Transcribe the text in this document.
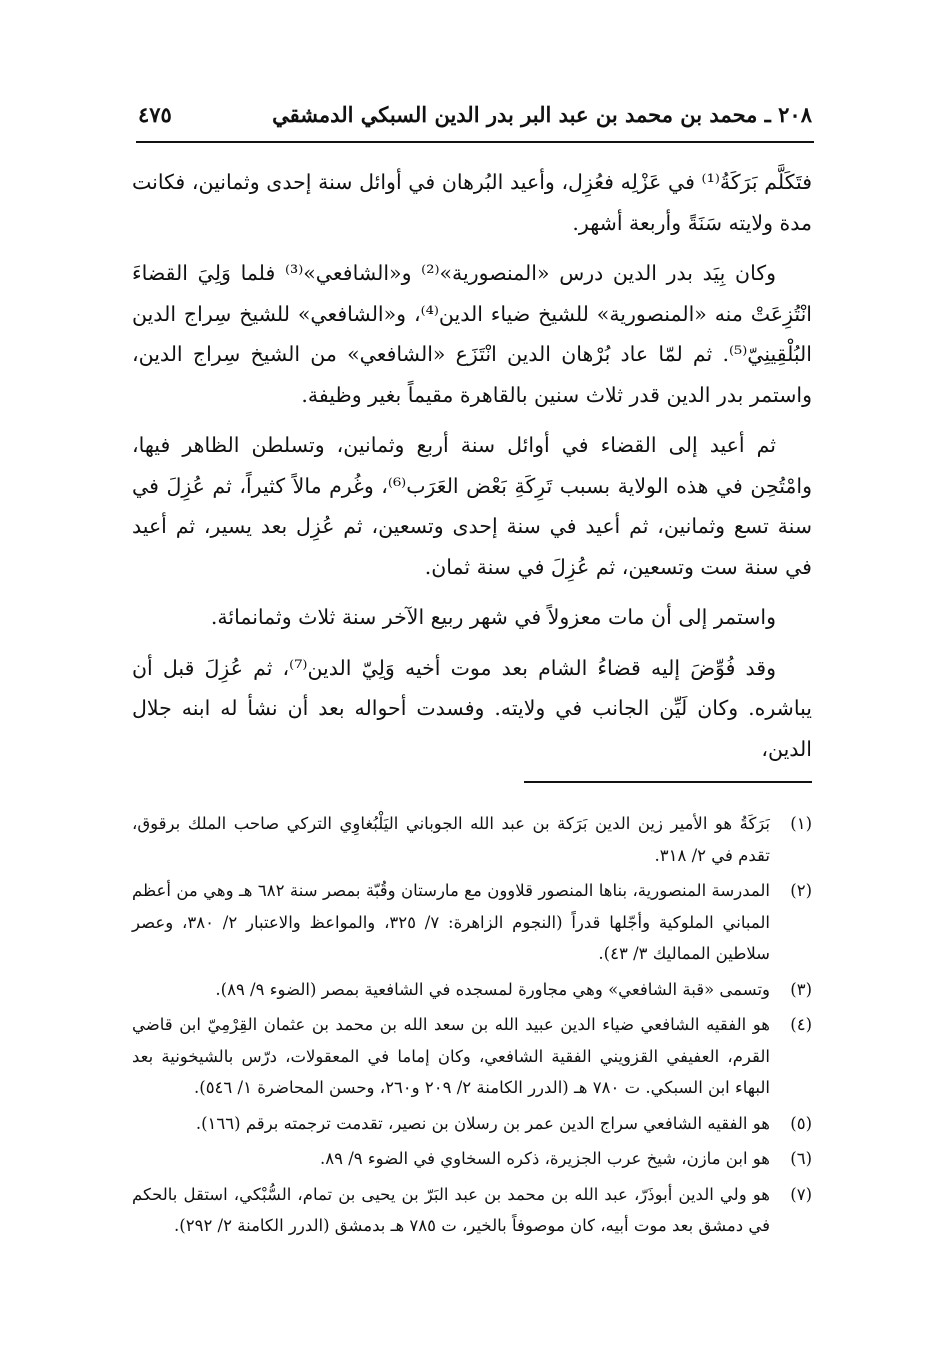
٢٠٨ ـ محمد بن محمد بن عبد البر بدر الدين السبكي الدمشقي
٤٧٥

فتَكَلَّم بَرَكَةُ⁽¹⁾ في عَزْلِه فعُزِل، وأعيد البُرهان في أوائل سنة إحدى وثمانين، فكانت مدة ولايته سَنَةً وأربعة أشهر.

وكان بِيَد بدر الدين درس «المنصورية»⁽²⁾ و«الشافعي»⁽³⁾ فلما وَلِيَ القضاءَ انْتُزِعَتْ منه «المنصورية» للشيخ ضياء الدين⁽⁴⁾، و«الشافعي» للشيخ سِراج الدين البُلْقِينِيّ⁽⁵⁾. ثم لمّا عاد بُرْهان الدين انْتَزَع «الشافعي» من الشيخ سِراج الدين، واستمر بدر الدين قدر ثلاث سنين بالقاهرة مقيماً بغير وظيفة.

ثم أعيد إلى القضاء في أوائل سنة أربع وثمانين، وتسلطن الظاهر فيها، وامْتُحِن في هذه الولاية بسبب تَرِكَةِ بَعْض العَرَب⁽⁶⁾، وغُرم مالاً كثيراً، ثم عُزِلَ في سنة تسع وثمانين، ثم أعيد في سنة إحدى وتسعين، ثم عُزِل بعد يسير، ثم أعيد في سنة ست وتسعين، ثم عُزِلَ في سنة ثمان.

واستمر إلى أن مات معزولاً في شهر ربيع الآخر سنة ثلاث وثمانمائة.

وقد فُوِّضَ إليه قضاءُ الشام بعد موت أخيه وَلِيّ الدين⁽⁷⁾، ثم عُزِلَ قبل أن يباشره. وكان لَيِّن الجانب في ولايته. وفسدت أحواله بعد أن نشأ له ابنه جلال الدين،

(١)
بَرَكَةُ هو الأمير زين الدين بَرَكة بن عبد الله الجوباني اليَلْبُغاوِي التركي صاحب الملك برقوق، تقدم في ٢/ ٣١٨.
(٢)
المدرسة المنصورية، بناها المنصور قلاوون مع مارستان وقُبّة بمصر سنة ٦٨٢ هـ وهي من أعظم المباني الملوكية وأجّلها قدراً (النجوم الزاهرة: ٧/ ٣٢٥، والمواعظ والاعتبار ٢/ ٣٨٠، وعصر سلاطين المماليك ٣/ ٤٣).
(٣)
وتسمى «قبة الشافعي» وهي مجاورة لمسجده في الشافعية بمصر (الضوء ٩/ ٨٩).
(٤)
هو الفقيه الشافعي ضياء الدين عبيد الله بن سعد الله بن محمد بن عثمان القِرْمِيّ ابن قاضي القرم، العفيفي القزويني الفقية الشافعي، وكان إماما في المعقولات، درّس بالشيخونية بعد البهاء ابن السبكي. ت ٧٨٠ هـ (الدرر الكامنة ٢/ ٢٠٩ و٢٦٠، وحسن المحاضرة ١/ ٥٤٦).
(٥)
هو الفقيه الشافعي سراج الدين عمر بن رسلان بن نصير، تقدمت ترجمته برقم (١٦٦).
(٦)
هو ابن مازن، شيخ عرب الجزيرة، ذكره السخاوي في الضوء ٩/ ٨٩.
(٧)
هو ولي الدين أبوذَرّ، عبد الله بن محمد بن عبد البَرّ بن يحيى بن تمام، السُّبْكي، استقل بالحكم في دمشق بعد موت أبيه، كان موصوفاً بالخير، ت ٧٨٥ هـ بدمشق (الدرر الكامنة ٢/ ٢٩٢).
